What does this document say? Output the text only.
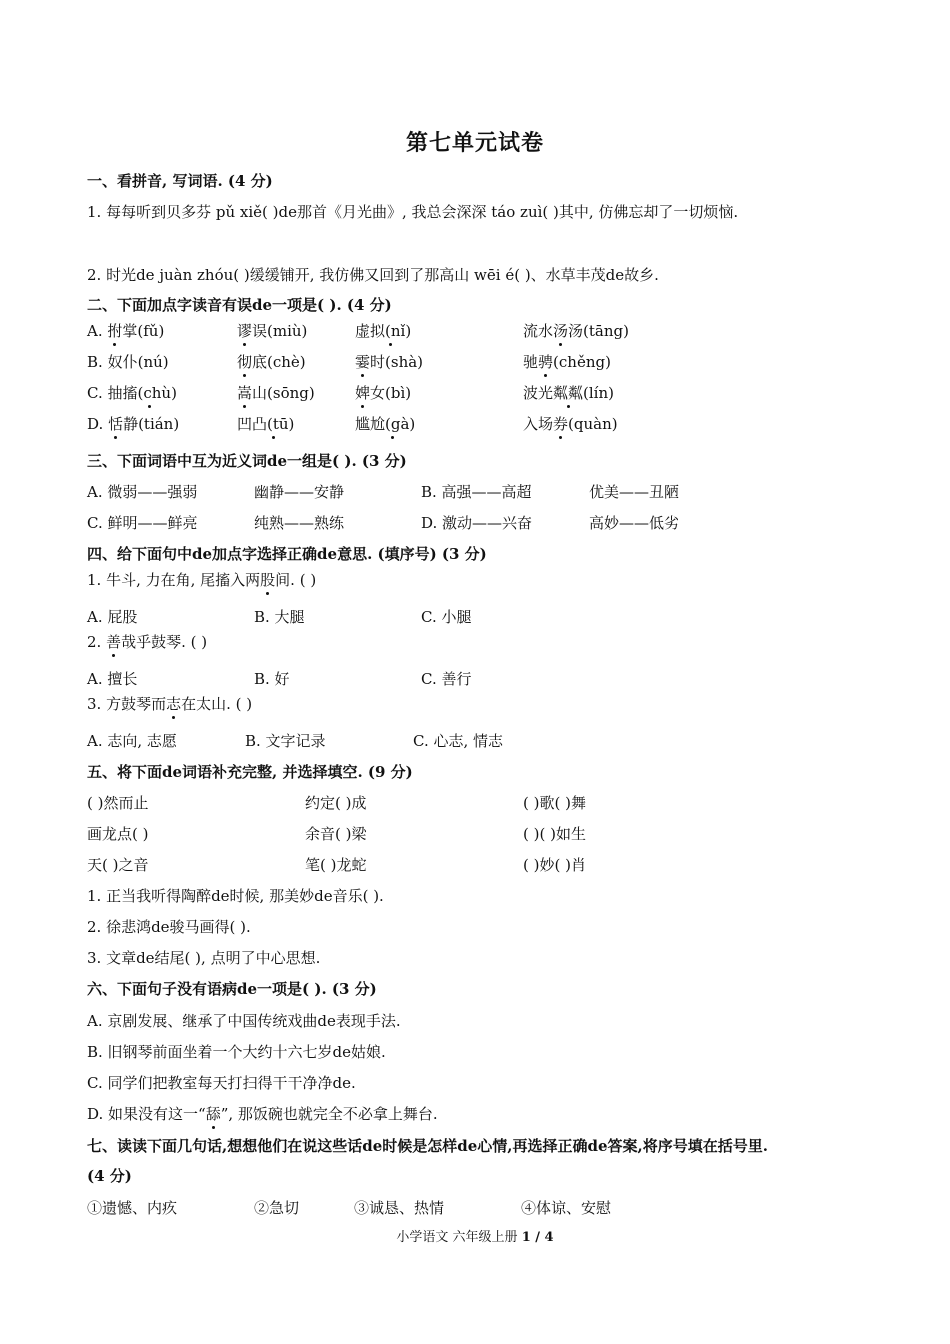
第七单元试卷
一、看拼音, 写词语. (4 分)
1. 每每听到贝多芬 pǔ xiě( )de那首《月光曲》, 我总会深深 táo zuì( )其中, 仿佛忘却了一切烦恼.
2. 时光de juàn zhóu( )缓缓铺开, 我仿佛又回到了那高山 wēi é( )、水草丰茂de故乡.
二、下面加点字读音有误de一项是( ). (4 分)
A. 拊掌(fǔ)	谬误(miù)	虚拟(nǐ)	流水汤汤(tāng)
B. 奴仆(nú)	彻底(chè)	霎时(shà)	驰骋(chěng)
C. 抽搐(chù)	嵩山(sōng)	婢女(bì)	波光粼粼(lín)
D. 恬静(tián)	凹凸(tū)	尴尬(gà)	入场券(quàn)
三、下面词语中互为近义词de一组是( ). (3 分)
A. 微弱——强弱	幽静——安静	B. 高强——高超	优美——丑陋
C. 鲜明——鲜亮	纯熟——熟练	D. 激动——兴奋	高妙——低劣
四、给下面句中de加点字选择正确de意思. (填序号) (3 分)
1. 牛斗, 力在角, 尾搐入两股间. ( )
A. 屁股	B. 大腿	C. 小腿
2. 善哉乎鼓琴. ( )
A. 擅长	B. 好	C. 善行
3. 方鼓琴而志在太山. ( )
A. 志向, 志愿	B. 文字记录	C. 心志, 情志
五、将下面de词语补充完整, 并选择填空. (9 分)
( )然而止	约定( )成	( )歌( )舞
画龙点( )	余音( )梁	( )( )如生
天( )之音	笔( )龙蛇	( )妙( )肖
1. 正当我听得陶醉de时候, 那美妙de音乐( ).
2. 徐悲鸿de骏马画得( ).
3. 文章de结尾( ), 点明了中心思想.
六、下面句子没有语病de一项是( ). (3 分)
A. 京剧发展、继承了中国传统戏曲de表现手法.
B. 旧钢琴前面坐着一个大约十六七岁de姑娘.
C. 同学们把教室每天打扫得干干净净de.
D. 如果没有这一“舔”, 那饭碗也就完全不必拿上舞台.
七、读读下面几句话,想想他们在说这些话de时候是怎样de心情,再选择正确de答案,将序号填在括号里.
(4 分)
①遗憾、内疚	②急切	③诚恳、热情	④体谅、安慰
小学语文 六年级上册 1 / 4
